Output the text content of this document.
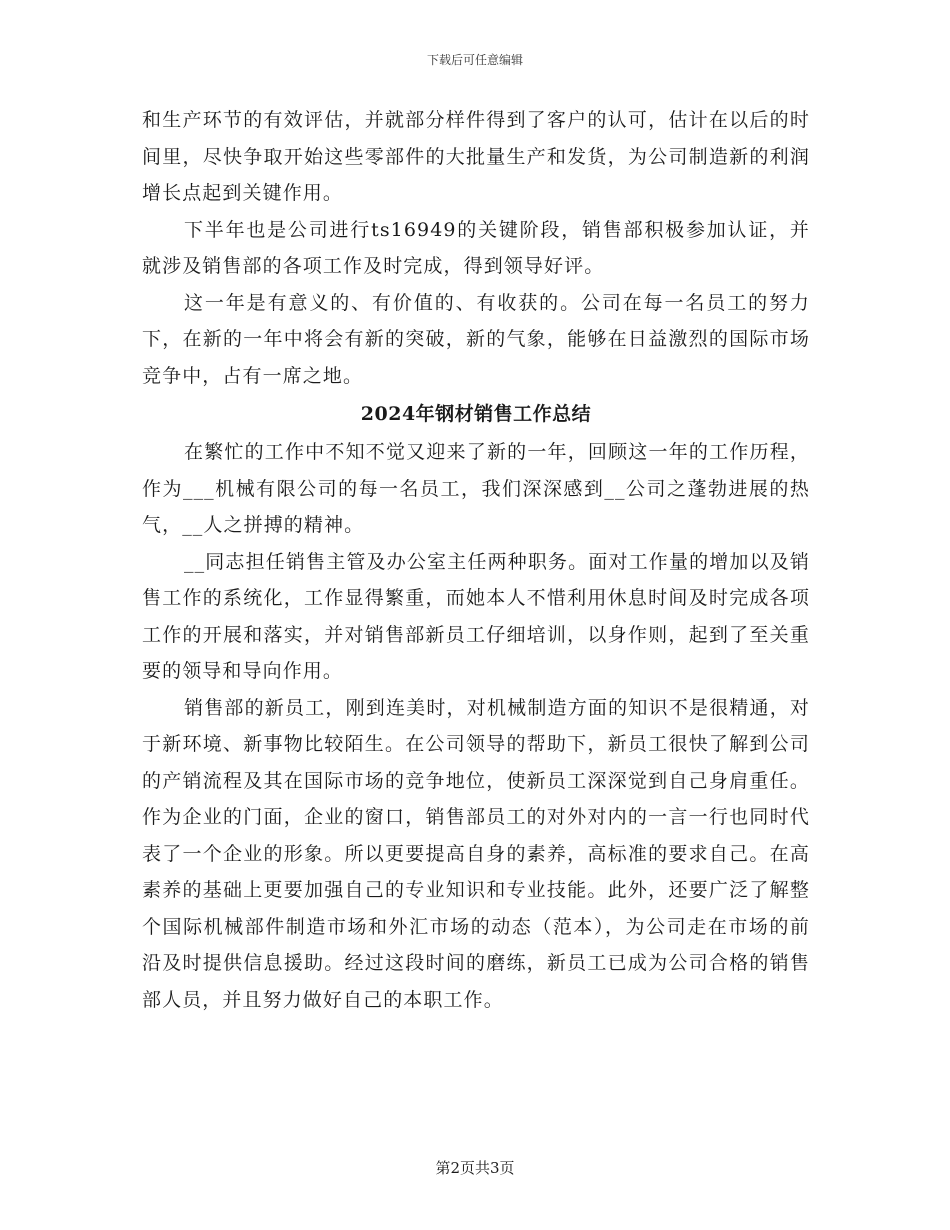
下载后可任意编辑

和生产环节的有效评估，并就部分样件得到了客户的认可，估计在以后的时间里，尽快争取开始这些零部件的大批量生产和发货，为公司制造新的利润增长点起到关键作用。

下半年也是公司进行ts16949的关键阶段，销售部积极参加认证，并就涉及销售部的各项工作及时完成，得到领导好评。

这一年是有意义的、有价值的、有收获的。公司在每一名员工的努力下，在新的一年中将会有新的突破，新的气象，能够在日益激烈的国际市场竞争中，占有一席之地。

2024年钢材销售工作总结

在繁忙的工作中不知不觉又迎来了新的一年，回顾这一年的工作历程，作为___机械有限公司的每一名员工，我们深深感到__公司之蓬勃进展的热气，__人之拼搏的精神。

__同志担任销售主管及办公室主任两种职务。面对工作量的增加以及销售工作的系统化，工作显得繁重，而她本人不惜利用休息时间及时完成各项工作的开展和落实，并对销售部新员工仔细培训，以身作则，起到了至关重要的领导和导向作用。

销售部的新员工，刚到连美时，对机械制造方面的知识不是很精通，对于新环境、新事物比较陌生。在公司领导的帮助下，新员工很快了解到公司的产销流程及其在国际市场的竞争地位，使新员工深深觉到自己身肩重任。作为企业的门面，企业的窗口，销售部员工的对外对内的一言一行也同时代表了一个企业的形象。所以更要提高自身的素养，高标准的要求自己。在高素养的基础上更要加强自己的专业知识和专业技能。此外，还要广泛了解整个国际机械部件制造市场和外汇市场的动态（范本），为公司走在市场的前沿及时提供信息援助。经过这段时间的磨练，新员工已成为公司合格的销售部人员，并且努力做好自己的本职工作。

第2页共3页
